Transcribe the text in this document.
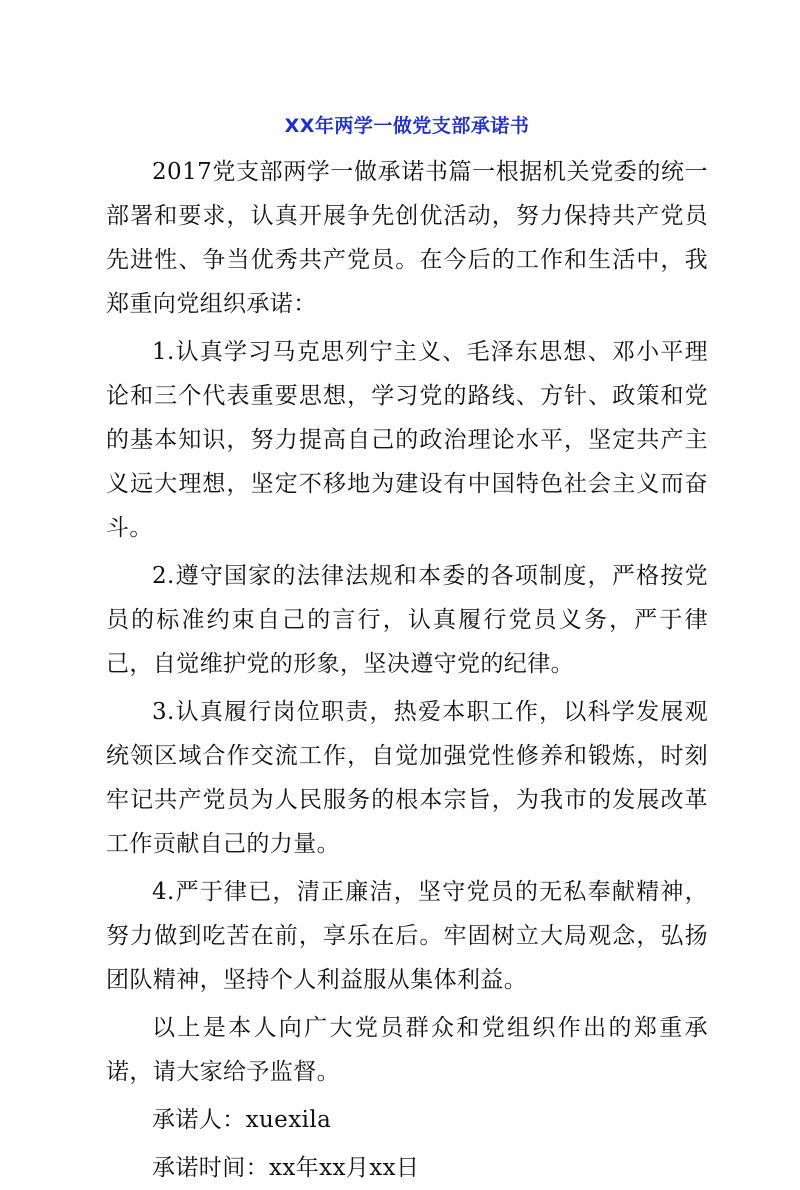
XX年两学一做党支部承诺书

2017党支部两学一做承诺书篇一根据机关党委的统一部署和要求，认真开展争先创优活动，努力保持共产党员先进性、争当优秀共产党员。在今后的工作和生活中，我郑重向党组织承诺：

1.认真学习马克思列宁主义、毛泽东思想、邓小平理论和三个代表重要思想，学习党的路线、方针、政策和党的基本知识，努力提高自己的政治理论水平，坚定共产主义远大理想，坚定不移地为建设有中国特色社会主义而奋斗。

2.遵守国家的法律法规和本委的各项制度，严格按党员的标准约束自己的言行，认真履行党员义务，严于律己，自觉维护党的形象，坚决遵守党的纪律。

3.认真履行岗位职责，热爱本职工作，以科学发展观统领区域合作交流工作，自觉加强党性修养和锻炼，时刻牢记共产党员为人民服务的根本宗旨，为我市的发展改革工作贡献自己的力量。

4.严于律已，清正廉洁，坚守党员的无私奉献精神，努力做到吃苦在前，享乐在后。牢固树立大局观念，弘扬团队精神，坚持个人利益服从集体利益。

以上是本人向广大党员群众和党组织作出的郑重承诺，请大家给予监督。

承诺人：xuexila

承诺时间：xx年xx月xx日
